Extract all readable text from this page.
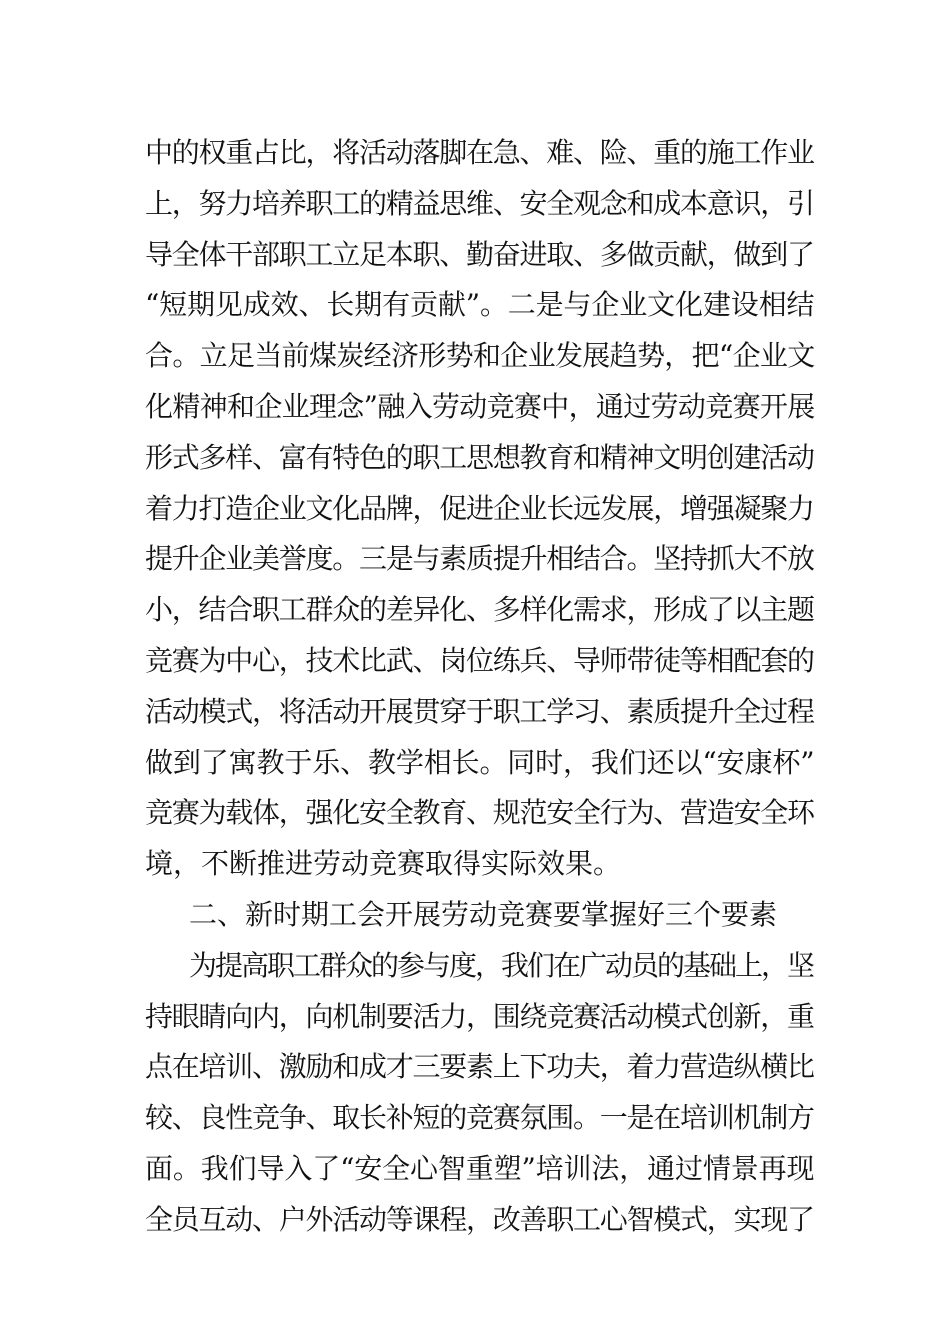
中的权重占比，将活动落脚在急、难、险、重的施工作业
上，努力培养职工的精益思维、安全观念和成本意识，引
导全体干部职工立足本职、勤奋进取、多做贡献，做到了
“短期见成效、长期有贡献”。二是与企业文化建设相结
合。立足当前煤炭经济形势和企业发展趋势，把“企业文
化精神和企业理念”融入劳动竞赛中，通过劳动竞赛开展
形式多样、富有特色的职工思想教育和精神文明创建活动
着力打造企业文化品牌，促进企业长远发展，增强凝聚力
提升企业美誉度。三是与素质提升相结合。坚持抓大不放
小，结合职工群众的差异化、多样化需求，形成了以主题
竞赛为中心，技术比武、岗位练兵、导师带徒等相配套的
活动模式，将活动开展贯穿于职工学习、素质提升全过程
做到了寓教于乐、教学相长。同时，我们还以“安康杯”
竞赛为载体，强化安全教育、规范安全行为、营造安全环
境，不断推进劳动竞赛取得实际效果。
二、新时期工会开展劳动竞赛要掌握好三个要素
为提高职工群众的参与度，我们在广动员的基础上，坚
持眼睛向内，向机制要活力，围绕竞赛活动模式创新，重
点在培训、激励和成才三要素上下功夫，着力营造纵横比
较、良性竞争、取长补短的竞赛氛围。一是在培训机制方
面。我们导入了“安全心智重塑”培训法，通过情景再现
全员互动、户外活动等课程，改善职工心智模式，实现了
